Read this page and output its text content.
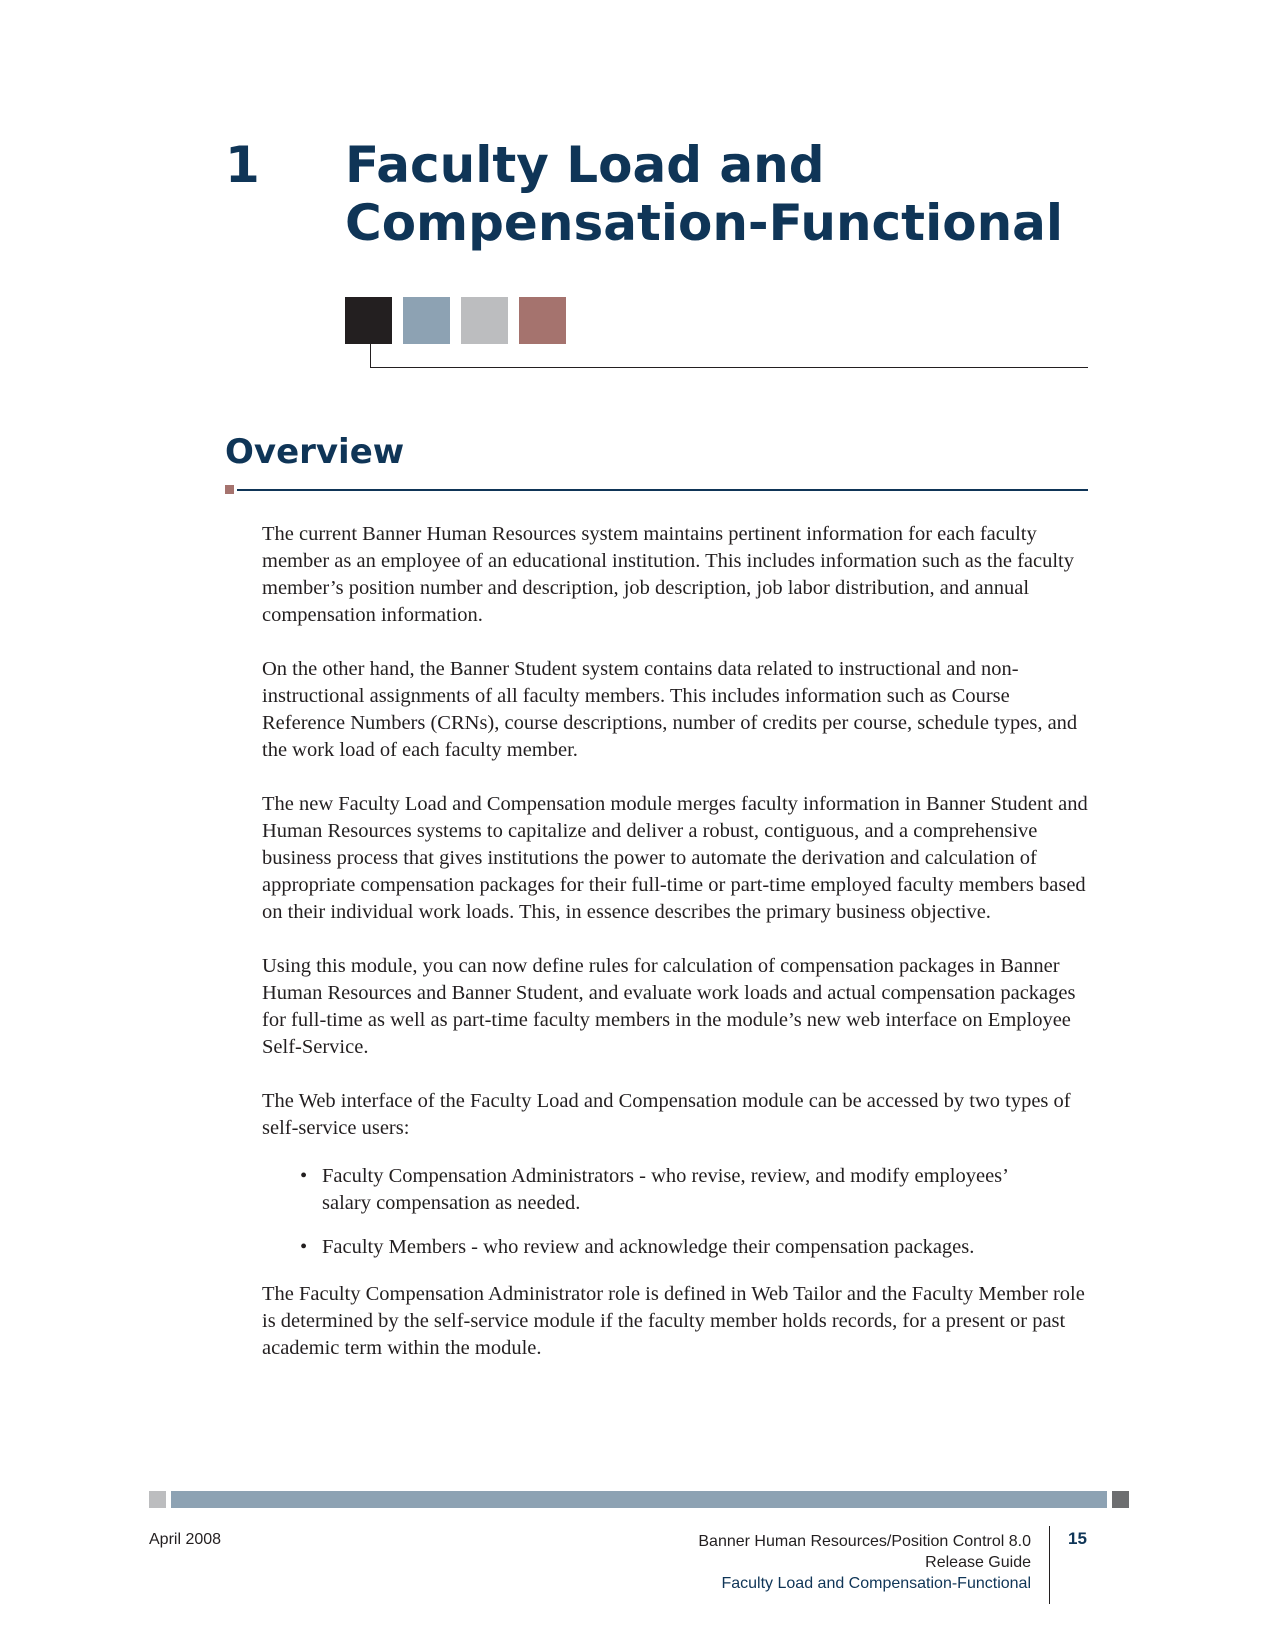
1 Faculty Load and
Compensation-Functional
Overview

The current Banner Human Resources system maintains pertinent information for each faculty member as an employee of an educational institution. This includes information such as the faculty member’s position number and description, job description, job labor distribution, and annual compensation information.

On the other hand, the Banner Student system contains data related to instructional and non-instructional assignments of all faculty members. This includes information such as Course Reference Numbers (CRNs), course descriptions, number of credits per course, schedule types, and the work load of each faculty member.

The new Faculty Load and Compensation module merges faculty information in Banner Student and Human Resources systems to capitalize and deliver a robust, contiguous, and a comprehensive business process that gives institutions the power to automate the derivation and calculation of appropriate compensation packages for their full-time or part-time employed faculty members based on their individual work loads. This, in essence describes the primary business objective.

Using this module, you can now define rules for calculation of compensation packages in Banner Human Resources and Banner Student, and evaluate work loads and actual compensation packages for full-time as well as part-time faculty members in the module’s new web interface on Employee Self-Service.

The Web interface of the Faculty Load and Compensation module can be accessed by two types of self-service users:

• Faculty Compensation Administrators - who revise, review, and modify employees’ salary compensation as needed.
• Faculty Members - who review and acknowledge their compensation packages.

The Faculty Compensation Administrator role is defined in Web Tailor and the Faculty Member role is determined by the self-service module if the faculty member holds records, for a present or past academic term within the module.

April 2008	Banner Human Resources/Position Control 8.0
Release Guide
Faculty Load and Compensation-Functional
15
